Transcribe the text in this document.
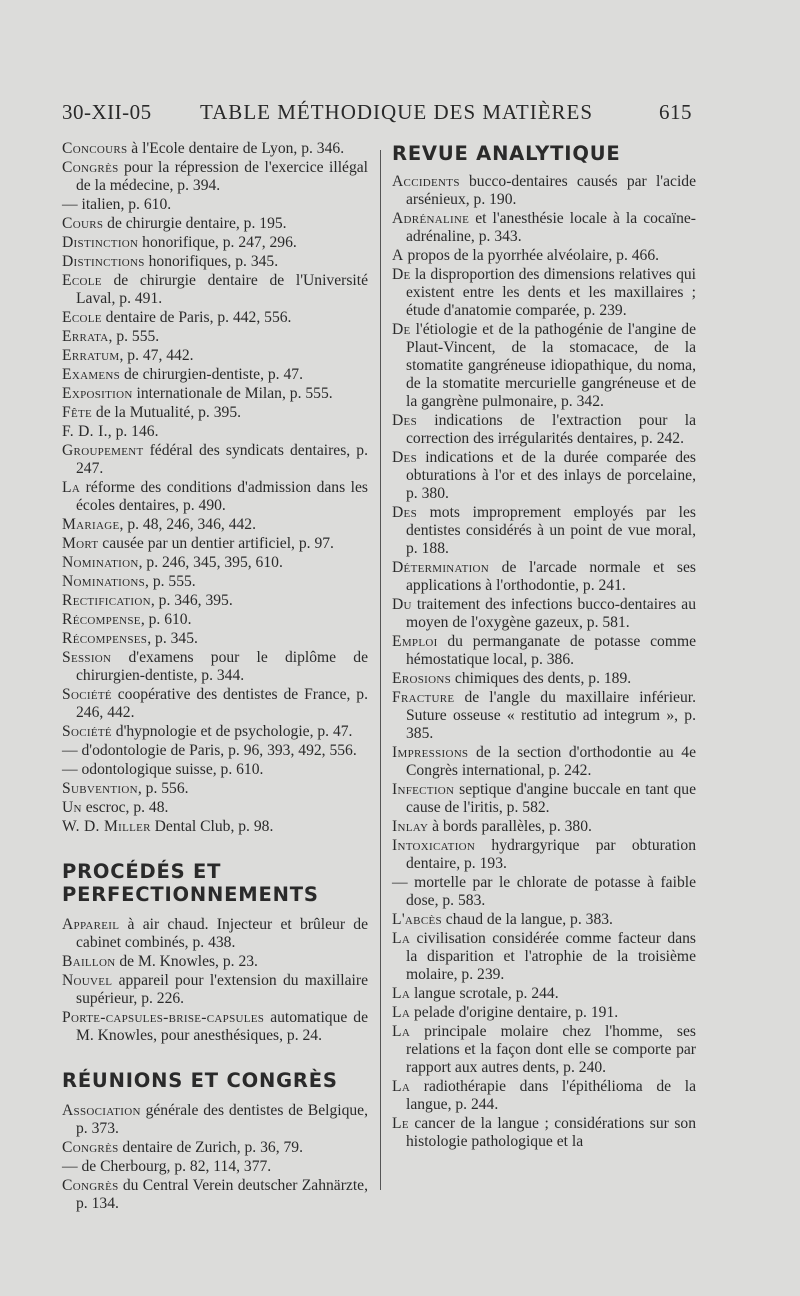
30-XII-05 TABLE MÉTHODIQUE DES MATIÈRES	615
Concours à l'Ecole dentaire de Lyon, p. 346.
Congrès pour la répression de l'exercice illégal de la médecine, p. 394.
— italien, p. 610.
Cours de chirurgie dentaire, p. 195.
Distinction honorifique, p. 247, 296.
Distinctions honorifiques, p. 345.
Ecole de chirurgie dentaire de l'Université Laval, p. 491.
Ecole dentaire de Paris, p. 442, 556.
Errata, p. 555.
Erratum, p. 47, 442.
Examens de chirurgien-dentiste, p. 47.
Exposition internationale de Milan, p. 555.
Fête de la Mutualité, p. 395.
F. D. I., p. 146.
Groupement fédéral des syndicats dentaires, p. 247.
La réforme des conditions d'admission dans les écoles dentaires, p. 490.
Mariage, p. 48, 246, 346, 442.
Mort causée par un dentier artificiel, p. 97.
Nomination, p. 246, 345, 395, 610.
Nominations, p. 555.
Rectification, p. 346, 395.
Récompense, p. 610.
Récompenses, p. 345.
Session d'examens pour le diplôme de chirurgien-dentiste, p. 344.
Société coopérative des dentistes de France, p. 246, 442.
Société d'hypnologie et de psychologie, p. 47.
— d'odontologie de Paris, p. 96, 393, 492, 556.
— odontologique suisse, p. 610.
Subvention, p. 556.
Un escroc, p. 48.
W. D. Miller Dental Club, p. 98.
PROCÉDÉS ET PERFECTIONNEMENTS
Appareil à air chaud. Injecteur et brûleur de cabinet combinés, p. 438.
Baillon de M. Knowles, p. 23.
Nouvel appareil pour l'extension du maxillaire supérieur, p. 226.
Porte-capsules-brise-capsules automatique de M. Knowles, pour anesthésiques, p. 24.
RÉUNIONS ET CONGRÈS
Association générale des dentistes de Belgique, p. 373.
Congrès dentaire de Zurich, p. 36, 79.
— de Cherbourg, p. 82, 114, 377.
Congrès du Central Verein deutscher Zahnärzte, p. 134.
REVUE ANALYTIQUE
Accidents bucco-dentaires causés par l'acide arsénieux, p. 190.
Adrénaline et l'anesthésie locale à la cocaïne-adrénaline, p. 343.
A propos de la pyorrhée alvéolaire, p. 466.
De la disproportion des dimensions relatives qui existent entre les dents et les maxillaires ; étude d'anatomie comparée, p. 239.
De l'étiologie et de la pathogénie de l'angine de Plaut-Vincent, de la stomacace, de la stomatite gangréneuse idiopathique, du noma, de la stomatite mercurielle gangréneuse et de la gangrène pulmonaire, p. 342.
Des indications de l'extraction pour la correction des irrégularités dentaires, p. 242.
Des indications et de la durée comparée des obturations à l'or et des inlays de porcelaine, p. 380.
Des mots improprement employés par les dentistes considérés à un point de vue moral, p. 188.
Détermination de l'arcade normale et ses applications à l'orthodontie, p. 241.
Du traitement des infections bucco-dentaires au moyen de l'oxygène gazeux, p. 581.
Emploi du permanganate de potasse comme hémostatique local, p. 386.
Erosions chimiques des dents, p. 189.
Fracture de l'angle du maxillaire inférieur. Suture osseuse « restitutio ad integrum », p. 385.
Impressions de la section d'orthodontie au 4e Congrès international, p. 242.
Infection septique d'angine buccale en tant que cause de l'iritis, p. 582.
Inlay à bords parallèles, p. 380.
Intoxication hydrargyrique par obturation dentaire, p. 193.
— mortelle par le chlorate de potasse à faible dose, p. 583.
L'abcès chaud de la langue, p. 383.
La civilisation considérée comme facteur dans la disparition et l'atrophie de la troisième molaire, p. 239.
La langue scrotale, p. 244.
La pelade d'origine dentaire, p. 191.
La principale molaire chez l'homme, ses relations et la façon dont elle se comporte par rapport aux autres dents, p. 240.
La radiothérapie dans l'épithélioma de la langue, p. 244.
Le cancer de la langue ; considérations sur son histologie pathologique et la
